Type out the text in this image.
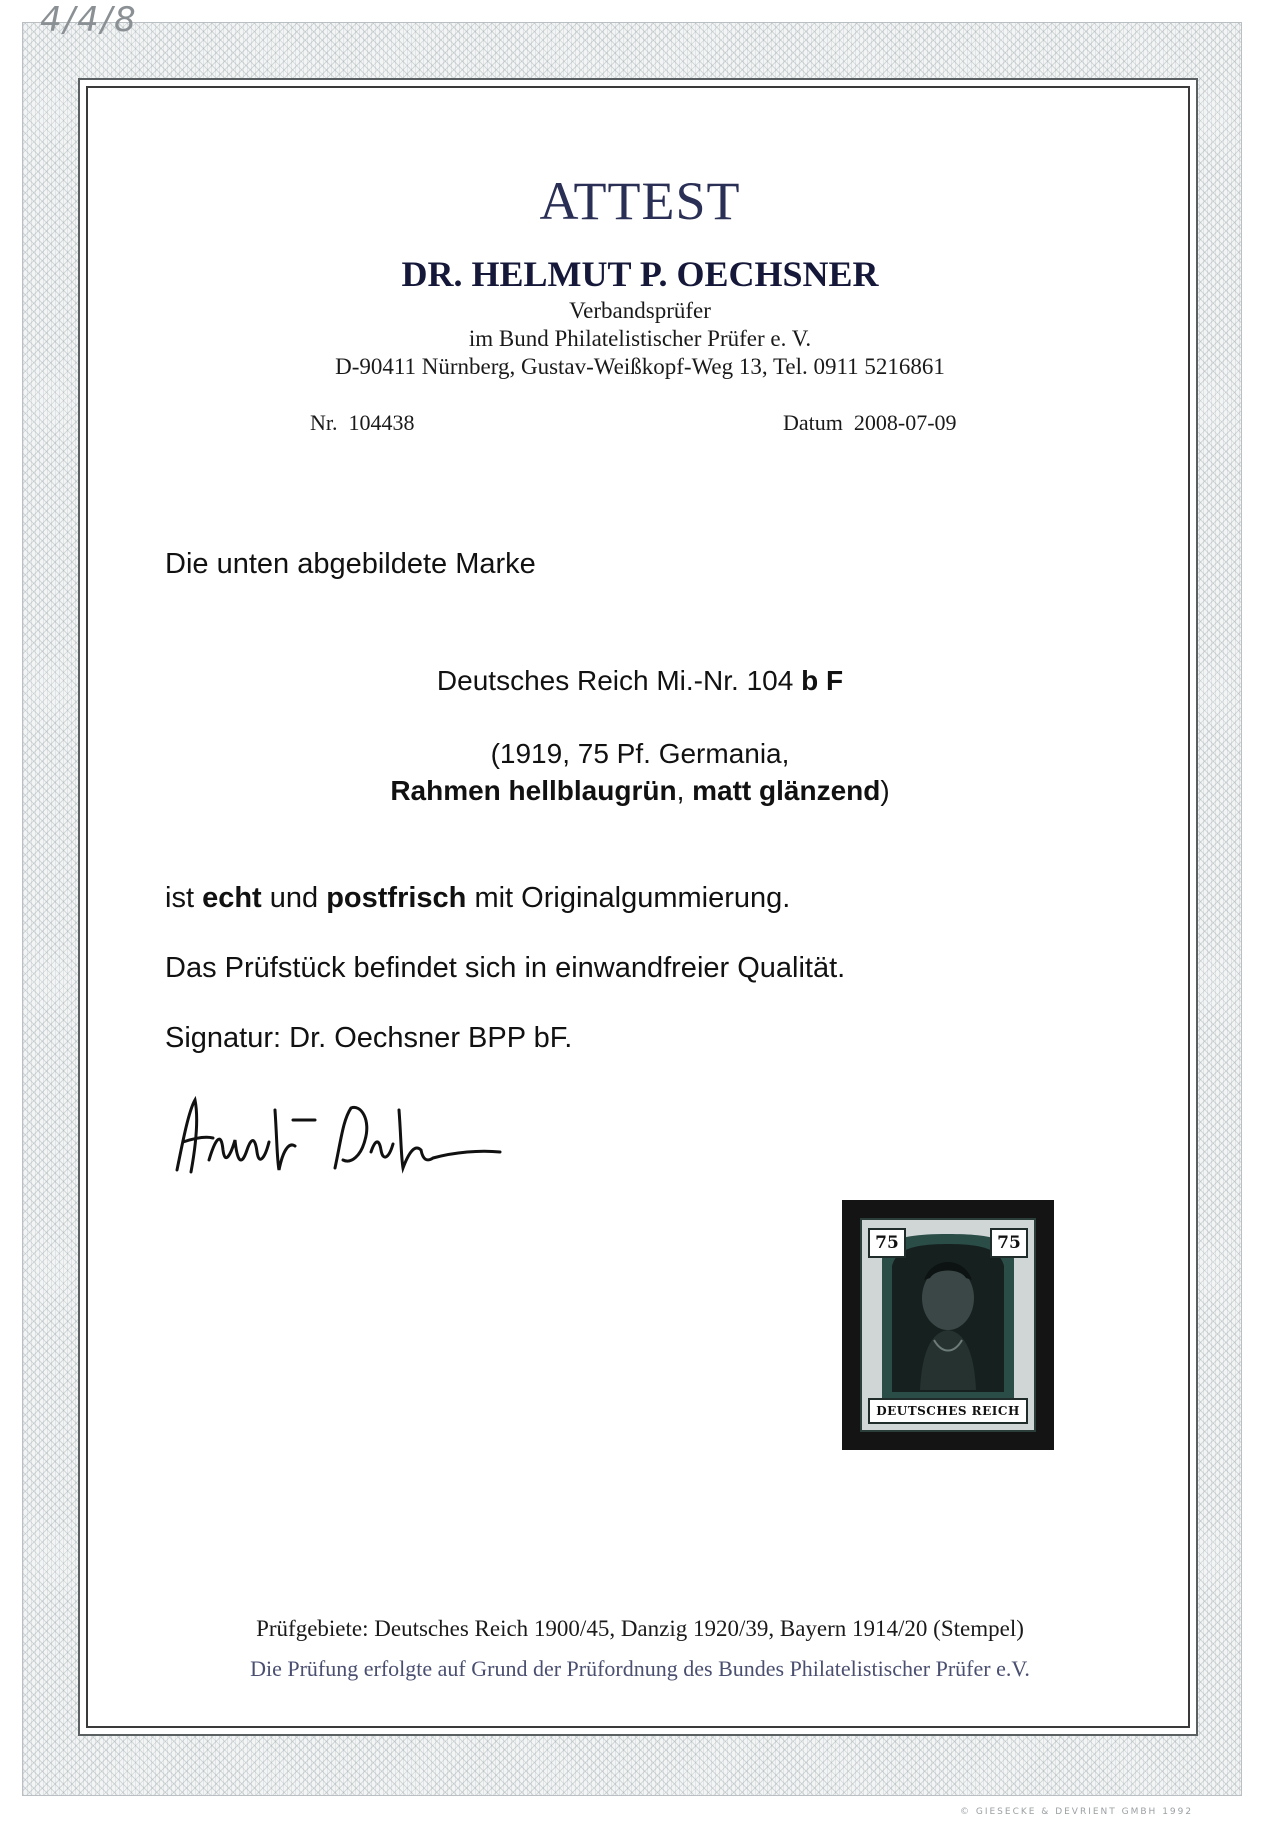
4/4/8
ATTEST
DR. HELMUT P. OECHSNER
Verbandsprüfer
im Bund Philatelistischer Prüfer e. V.
D-90411 Nürnberg, Gustav-Weißkopf-Weg 13, Tel. 0911 5216861
Nr. 104438	Datum 2008-07-09
Die unten abgebildete Marke
Deutsches Reich Mi.-Nr. 104 b F
(1919, 75 Pf. Germania,
Rahmen hellblaugrün, matt glänzend)
ist echt und postfrisch mit Originalgummierung.
Das Prüfstück befindet sich in einwandfreier Qualität.
Signatur: Dr. Oechsner BPP bF.
75	75
DEUTSCHES REICH
Prüfgebiete: Deutsches Reich 1900/45, Danzig 1920/39, Bayern 1914/20 (Stempel)
Die Prüfung erfolgte auf Grund der Prüfordnung des Bundes Philatelistischer Prüfer e.V.
© GIESECKE & DEVRIENT GMBH 1992
